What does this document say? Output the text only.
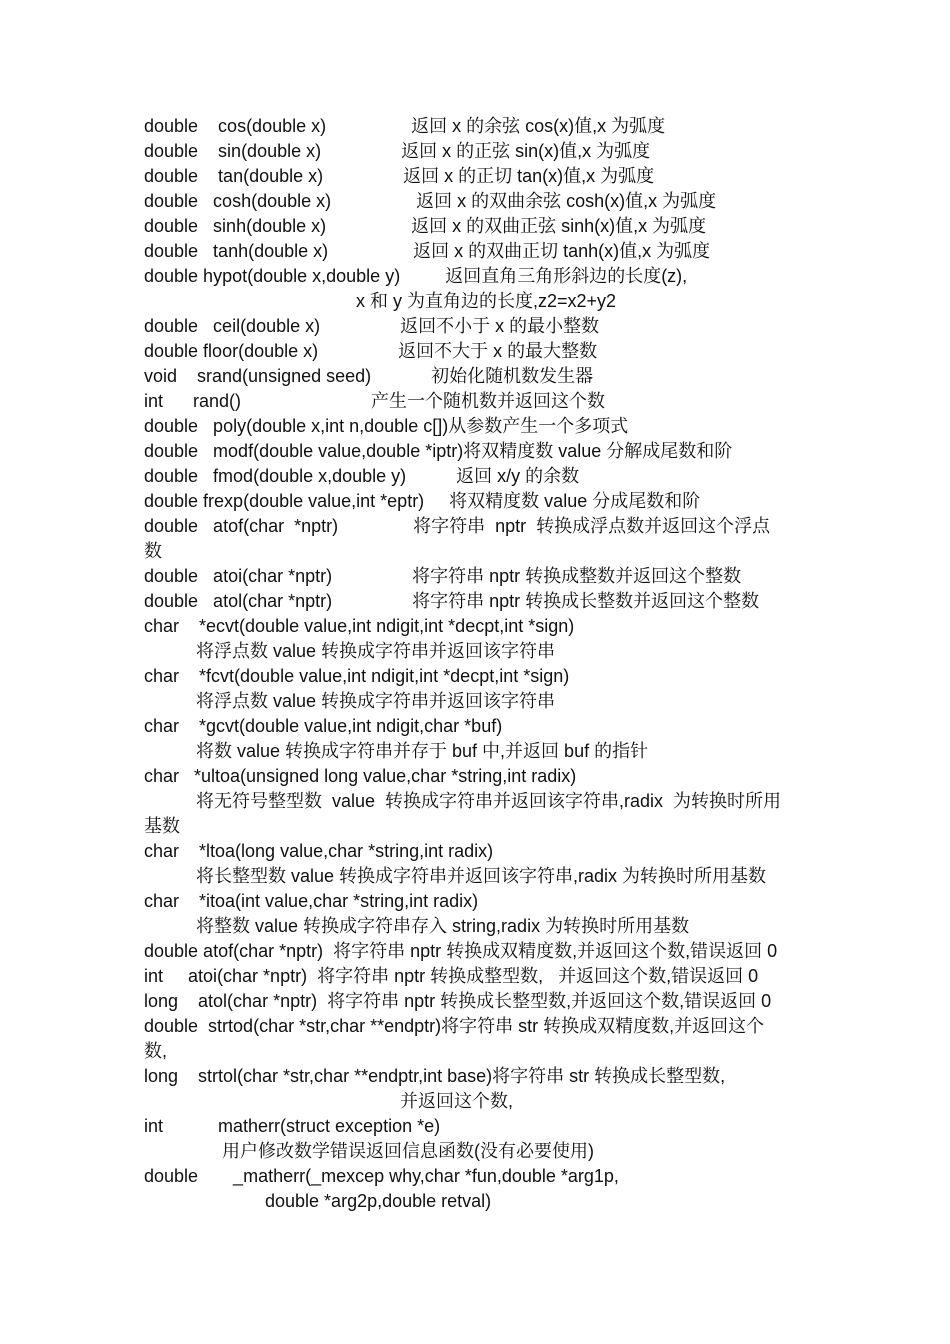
double    cos(double x)                 返回 x 的余弦 cos(x)值,x 为弧度
double    sin(double x)                返回 x 的正弦 sin(x)值,x 为弧度
double    tan(double x)                返回 x 的正切 tan(x)值,x 为弧度
double   cosh(double x)                 返回 x 的双曲余弦 cosh(x)值,x 为弧度
double   sinh(double x)                 返回 x 的双曲正弦 sinh(x)值,x 为弧度
double   tanh(double x)                 返回 x 的双曲正切 tanh(x)值,x 为弧度
double hypot(double x,double y)         返回直角三角形斜边的长度(z),
x 和 y 为直角边的长度,z2=x2+y2
double   ceil(double x)                返回不小于 x 的最小整数
double floor(double x)                返回不大于 x 的最大整数
void    srand(unsigned seed)            初始化随机数发生器
int      rand()                          产生一个随机数并返回这个数
double   poly(double x,int n,double c[])从参数产生一个多项式
double   modf(double value,double *iptr)将双精度数 value 分解成尾数和阶
double   fmod(double x,double y)          返回 x/y 的余数
double frexp(double value,int *eptr)     将双精度数 value 分成尾数和阶
double   atof(char  *nptr)               将字符串  nptr  转换成浮点数并返回这个浮点
数
double   atoi(char *nptr)                将字符串 nptr 转换成整数并返回这个整数
double   atol(char *nptr)                将字符串 nptr 转换成长整数并返回这个整数
char    *ecvt(double value,int ndigit,int *decpt,int *sign)
将浮点数 value 转换成字符串并返回该字符串
char    *fcvt(double value,int ndigit,int *decpt,int *sign)
将浮点数 value 转换成字符串并返回该字符串
char    *gcvt(double value,int ndigit,char *buf)
将数 value 转换成字符串并存于 buf 中,并返回 buf 的指针
char   *ultoa(unsigned long value,char *string,int radix)
将无符号整型数  value  转换成字符串并返回该字符串,radix  为转换时所用
基数
char    *ltoa(long value,char *string,int radix)
将长整型数 value 转换成字符串并返回该字符串,radix 为转换时所用基数
char    *itoa(int value,char *string,int radix)
将整数 value 转换成字符串存入 string,radix 为转换时所用基数
double atof(char *nptr)  将字符串 nptr 转换成双精度数,并返回这个数,错误返回 0
int     atoi(char *nptr)  将字符串 nptr 转换成整型数,   并返回这个数,错误返回 0
long    atol(char *nptr)  将字符串 nptr 转换成长整型数,并返回这个数,错误返回 0
double  strtod(char *str,char **endptr)将字符串 str 转换成双精度数,并返回这个
数,
long    strtol(char *str,char **endptr,int base)将字符串 str 转换成长整型数,
并返回这个数,
int           matherr(struct exception *e)
用户修改数学错误返回信息函数(没有必要使用)
double       _matherr(_mexcep why,char *fun,double *arg1p,
double *arg2p,double retval)
